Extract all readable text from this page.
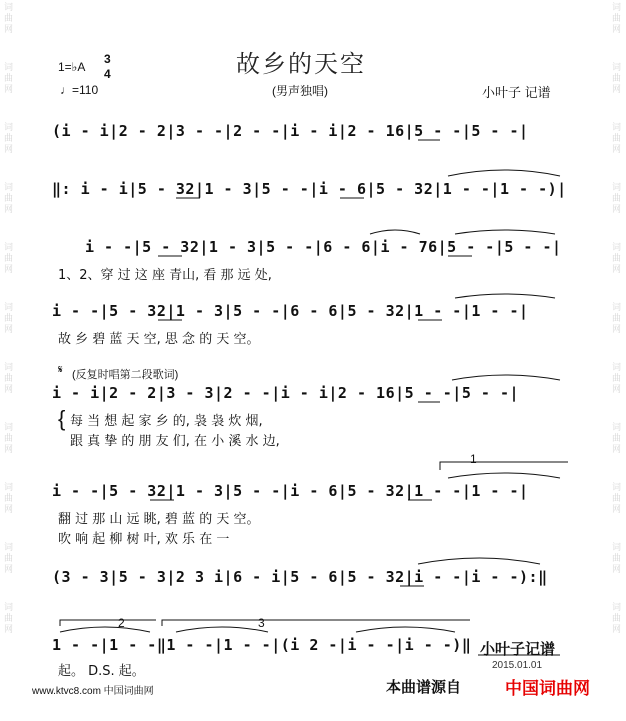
词曲网
词曲网
词曲网
词曲网
词曲网
词曲网
词曲网
词曲网
词曲网
词曲网
词曲网
词曲网
词曲网
词曲网
词曲网
词曲网
词曲网
词曲网
词曲网
词曲网
词曲网
词曲网
1=♭A
3
4
♩=110
故乡的天空
(男声独唱)	小叶子 记谱
(i - i|2 - 2|3 - -|2 - -|i - i|2 - 16|5 - -|5 - -|
‖: i - i|5 - 32|1 - 3|5 - -|i - 6|5 - 32|1 - -|1 - -)|
i - -|5 - 32|1 - 3|5 - -|6 - 6|i - 76|5 - -|5 - -|
1、2、穿 过 这 座 青山, 看 那 远 处,
i - -|5 - 32|1 - 3|5 - -|6 - 6|5 - 32|1 - -|1 - -|
故 乡 碧 蓝 天 空, 思 念 的 天 空。
𝄋 (反复时唱第二段歌词)
i - i|2 - 2|3 - 3|2 - -|i - i|2 - 16|5 - -|5 - -|
{ 每 当 想 起 家 乡 的, 袅 袅 炊 烟,
跟 真 挚 的 朋 友 们, 在 小 溪 水 边,
1
i - -|5 - 32|1 - 3|5 - -|i - 6|5 - 32|1 - -|1 - -|
翻 过 那 山 远 眺, 碧 蓝 的 天 空。
吹 响 起 柳 树 叶, 欢 乐 在 一
(3 - 3|5 - 3|2 3 i|6 - i|5 - 6|5 - 32|i - -|i - -):‖
2	3
1 - -|1 - -‖1 - -|1 - -|(i 2 -|i - -|i - -)‖
起。 D.S. 起。
小叶子记谱
2015.01.01
www.ktvc8.com 中国词曲网	本曲谱源自	中国词曲网
